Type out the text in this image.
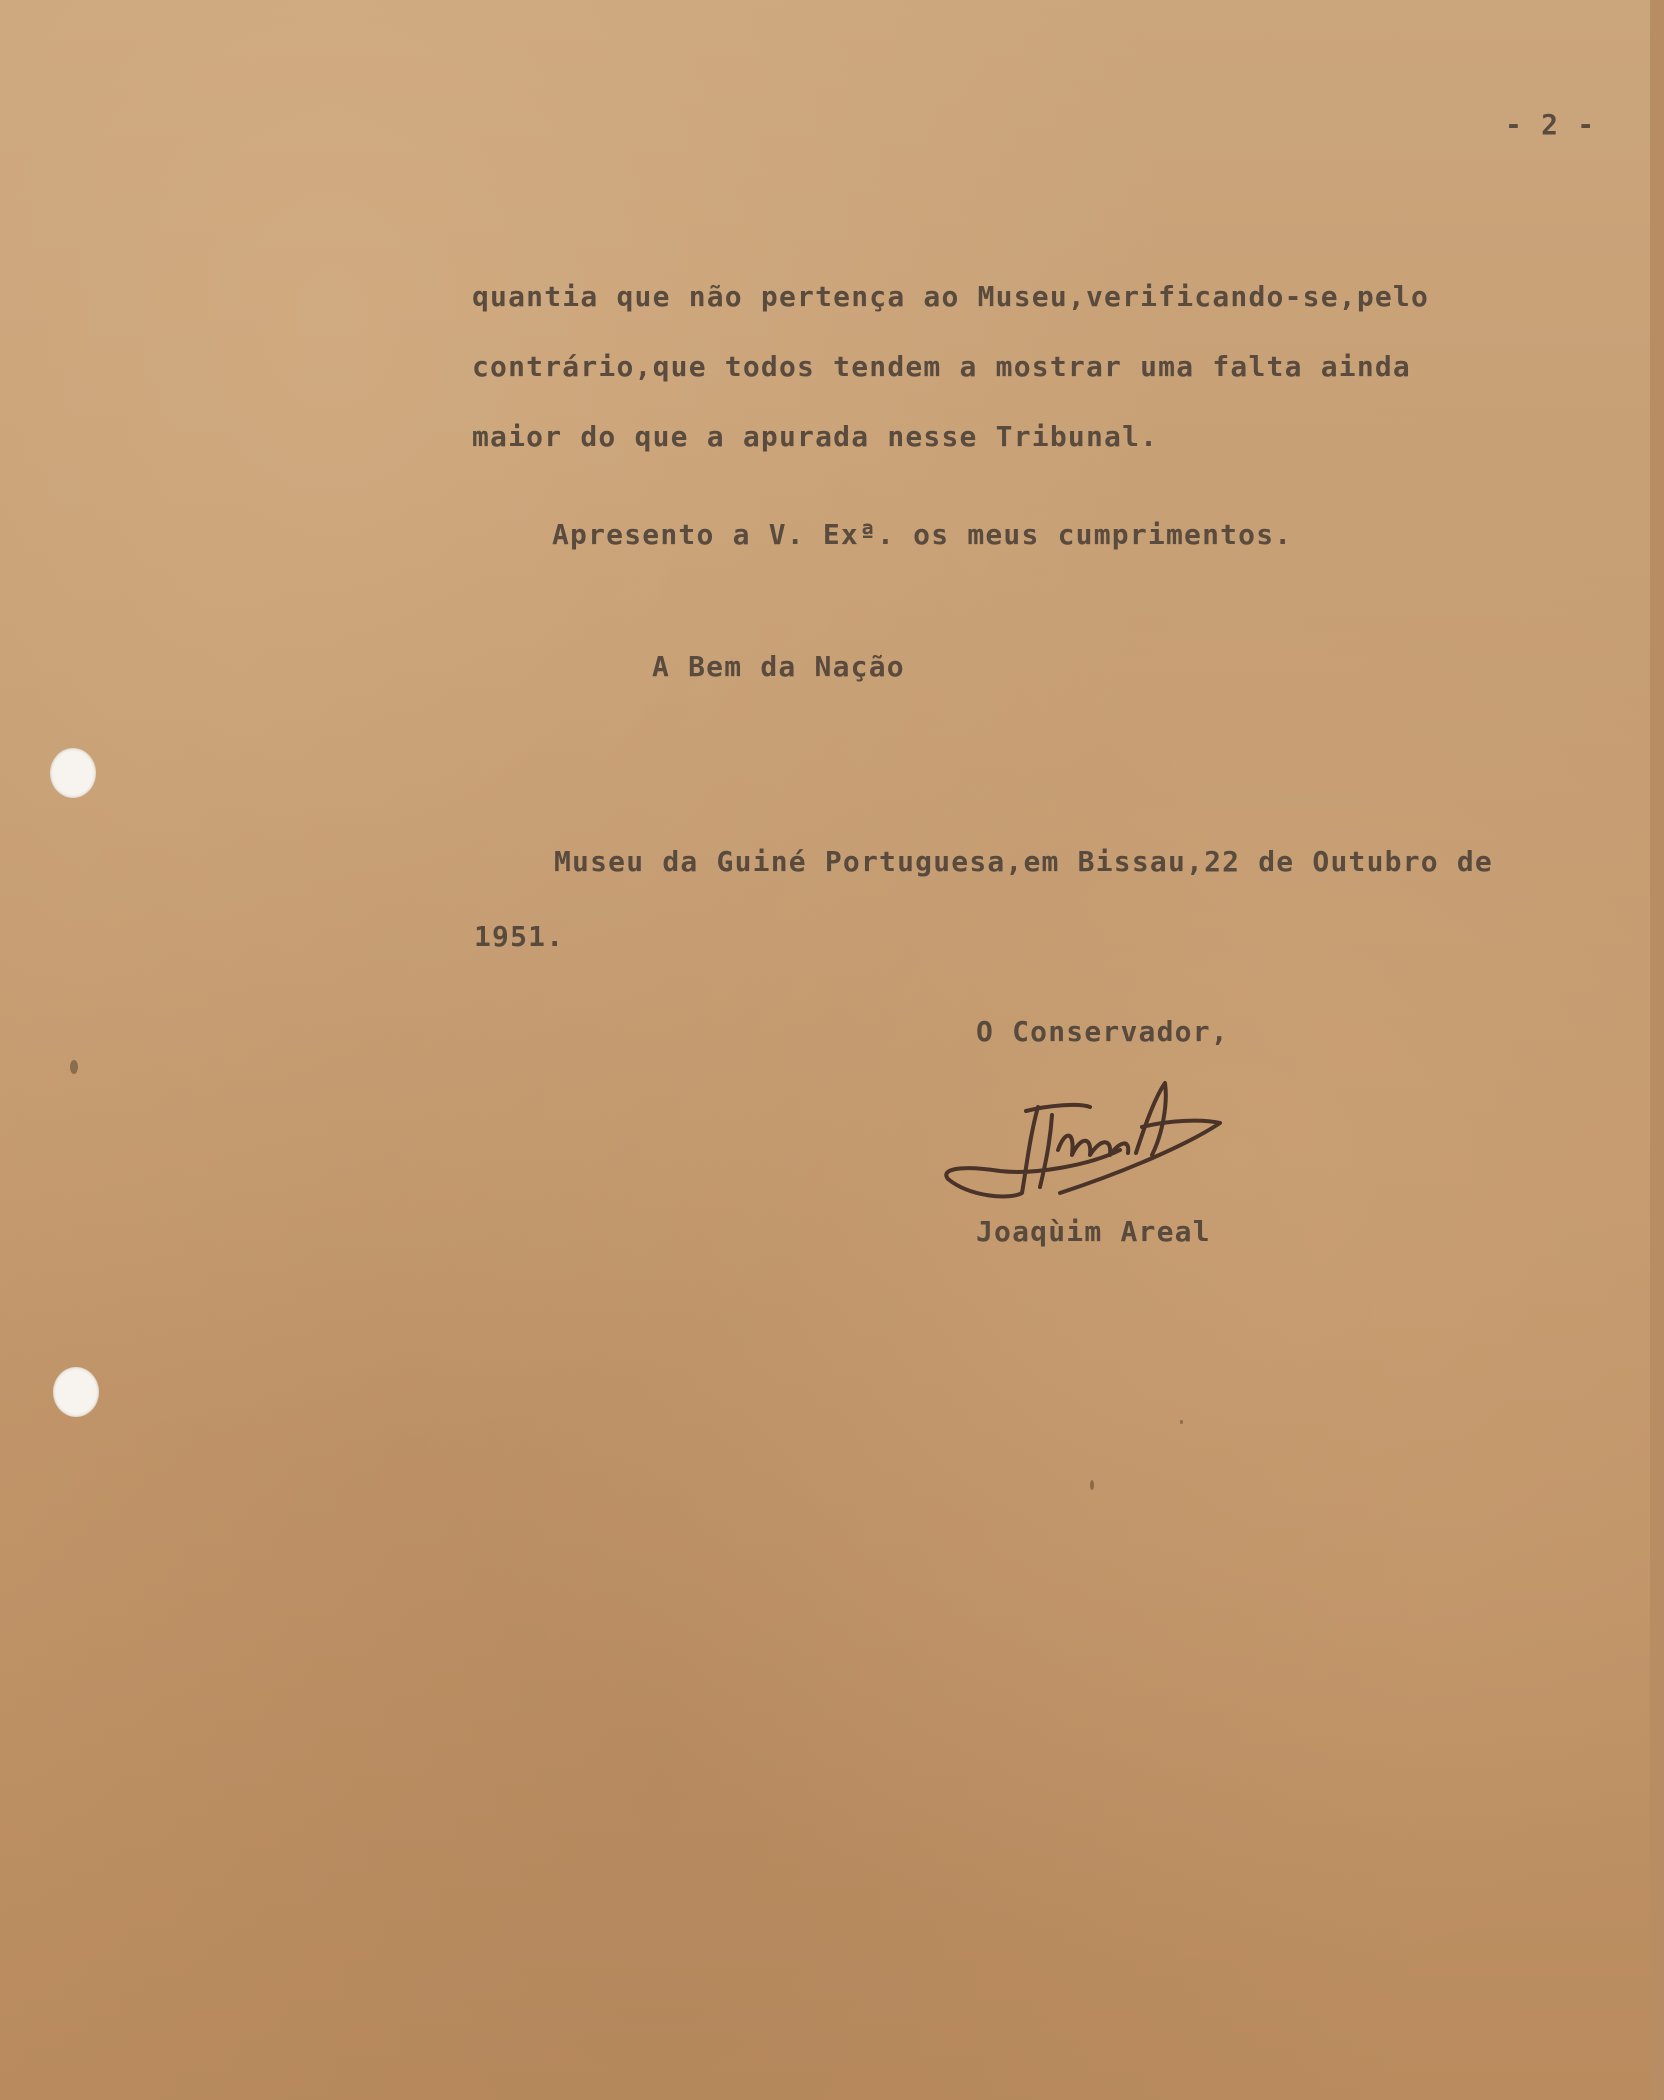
- 2 -
quantia que não pertença ao Museu,verificando-se,pelo
contrário,que todos tendem a mostrar uma falta ainda
maior do que a apurada nesse Tribunal.
Apresento a V. Exª. os meus cumprimentos.
A Bem da Nação
Museu da Guiné Portuguesa,em Bissau,22 de Outubro de
1951.
O Conservador,
Joaqùim Areal
